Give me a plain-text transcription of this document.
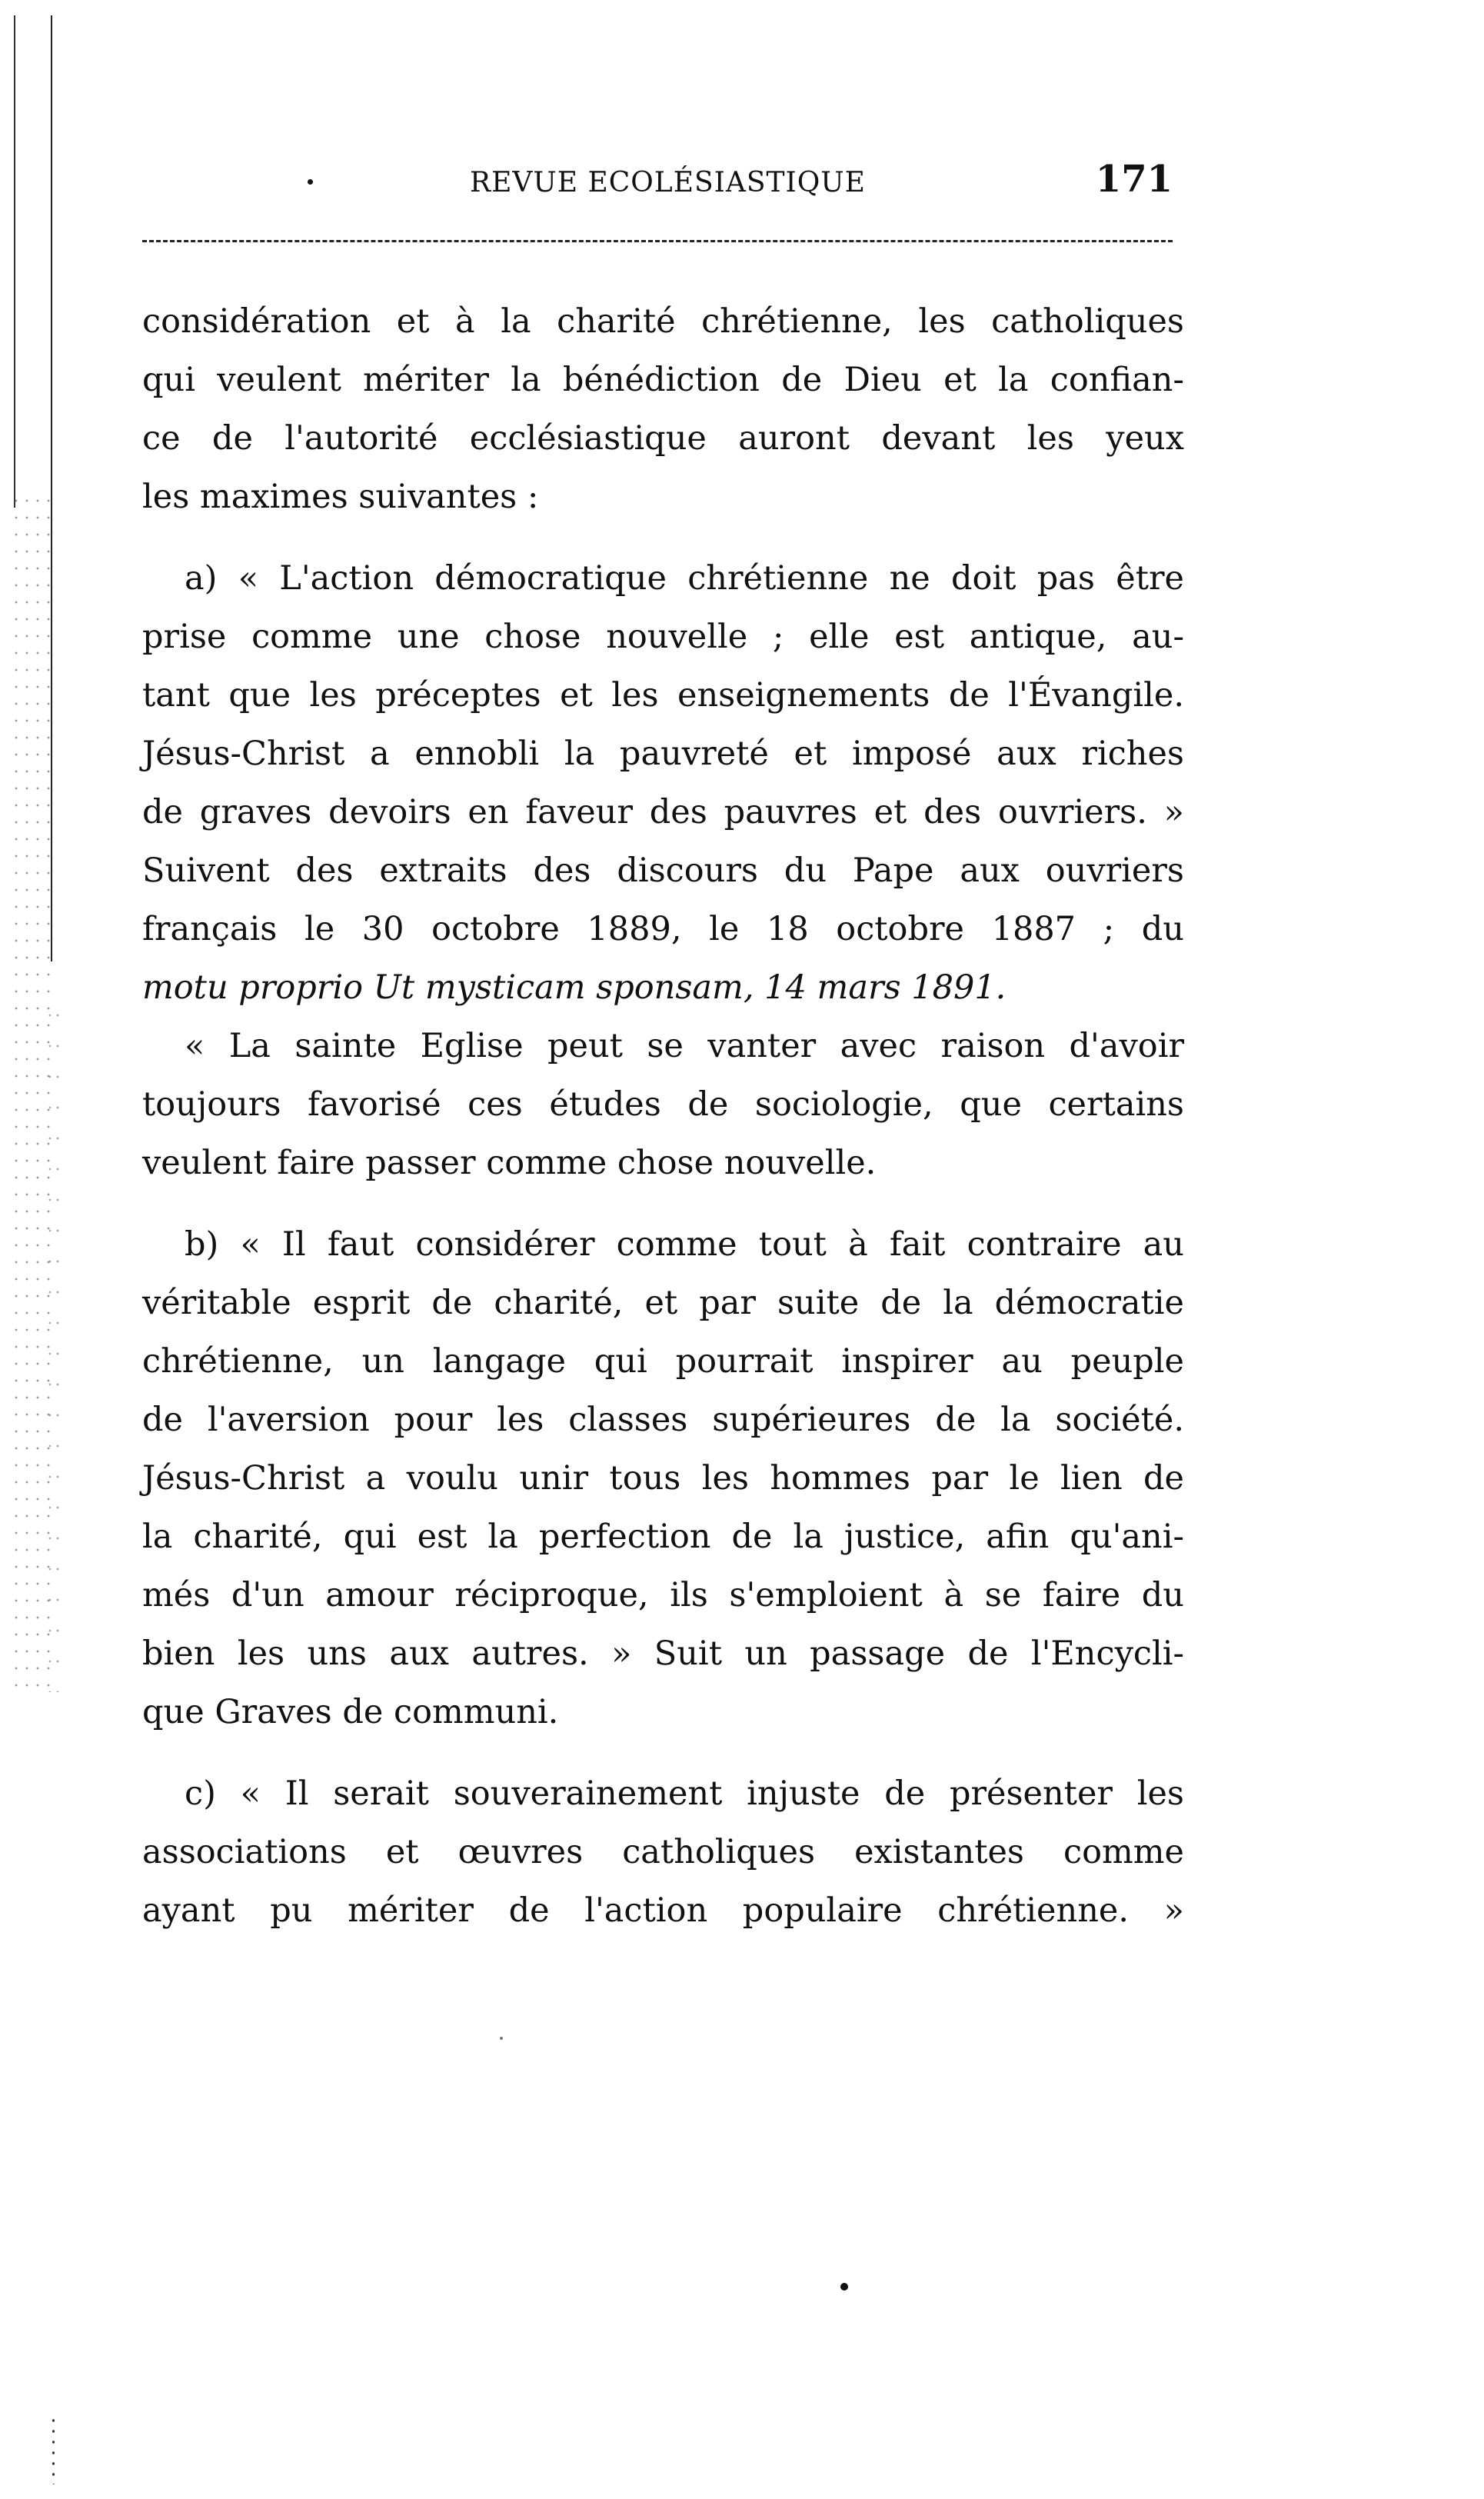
REVUE ECOLÉSIASTIQUE	171
considération et à la charité chrétienne, les catholiques
qui veulent mériter la bénédiction de Dieu et la confian-
ce de l'autorité ecclésiastique auront devant les yeux
les maximes suivantes :
a) « L'action démocratique chrétienne ne doit pas être
prise comme une chose nouvelle ; elle est antique, au-
tant que les préceptes et les enseignements de l'Évangile.
Jésus-Christ a ennobli la pauvreté et imposé aux riches
de graves devoirs en faveur des pauvres et des ouvriers. »
Suivent des extraits des discours du Pape aux ouvriers
français le 30 octobre 1889, le 18 octobre 1887 ; du
motu proprio Ut mysticam sponsam, 14 mars 1891.
« La sainte Eglise peut se vanter avec raison d'avoir
toujours favorisé ces études de sociologie, que certains
veulent faire passer comme chose nouvelle.
b) « Il faut considérer comme tout à fait contraire au
véritable esprit de charité, et par suite de la démocratie
chrétienne, un langage qui pourrait inspirer au peuple
de l'aversion pour les classes supérieures de la société.
Jésus-Christ a voulu unir tous les hommes par le lien de
la charité, qui est la perfection de la justice, afin qu'ani-
més d'un amour réciproque, ils s'emploient à se faire du
bien les uns aux autres. » Suit un passage de l'Encycli-
que Graves de communi.
c) « Il serait souverainement injuste de présenter les
associations et œuvres catholiques existantes comme
ayant pu mériter de l'action populaire chrétienne. »
